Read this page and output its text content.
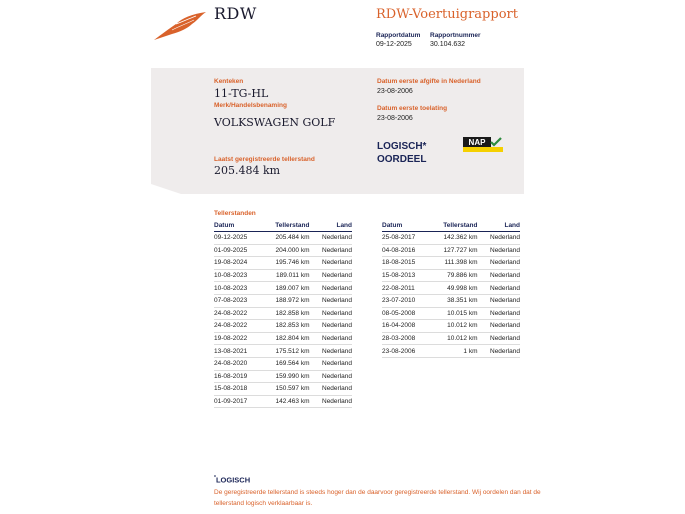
RDW	RDW-Voertuigrapport
Rapportdatum
09-12-2025
Rapportnummer
30.104.632
Kenteken
11-TG-HL
Merk/Handelsbenaming
VOLKSWAGEN GOLF
Laatst geregistreerde tellerstand
205.484 km
Datum eerste afgifte in Nederland
23-08-2006
Datum eerste toelating
23-08-2006
LOGISCH*
OORDEEL
NAP
Tellerstanden
Datum	Tellerstand	Land
09-12-2025	205.484 km	Nederland
01-09-2025	204.000 km	Nederland
19-08-2024	195.746 km	Nederland
10-08-2023	189.011 km	Nederland
10-08-2023	189.007 km	Nederland
07-08-2023	188.972 km	Nederland
24-08-2022	182.858 km	Nederland
24-08-2022	182.853 km	Nederland
19-08-2022	182.804 km	Nederland
13-08-2021	175.512 km	Nederland
24-08-2020	169.564 km	Nederland
16-08-2019	159.990 km	Nederland
15-08-2018	150.597 km	Nederland
01-09-2017	142.463 km	Nederland
Datum	Tellerstand	Land
25-08-2017	142.362 km	Nederland
04-08-2016	127.727 km	Nederland
18-08-2015	111.398 km	Nederland
15-08-2013	79.886 km	Nederland
22-08-2011	49.998 km	Nederland
23-07-2010	38.351 km	Nederland
08-05-2008	10.015 km	Nederland
16-04-2008	10.012 km	Nederland
28-03-2008	10.012 km	Nederland
23-08-2006	1 km	Nederland
*LOGISCH
De geregistreerde tellerstand is steeds hoger dan de daarvoor geregistreerde tellerstand. Wij oordelen dan dat de tellerstand logisch verklaarbaar is.
